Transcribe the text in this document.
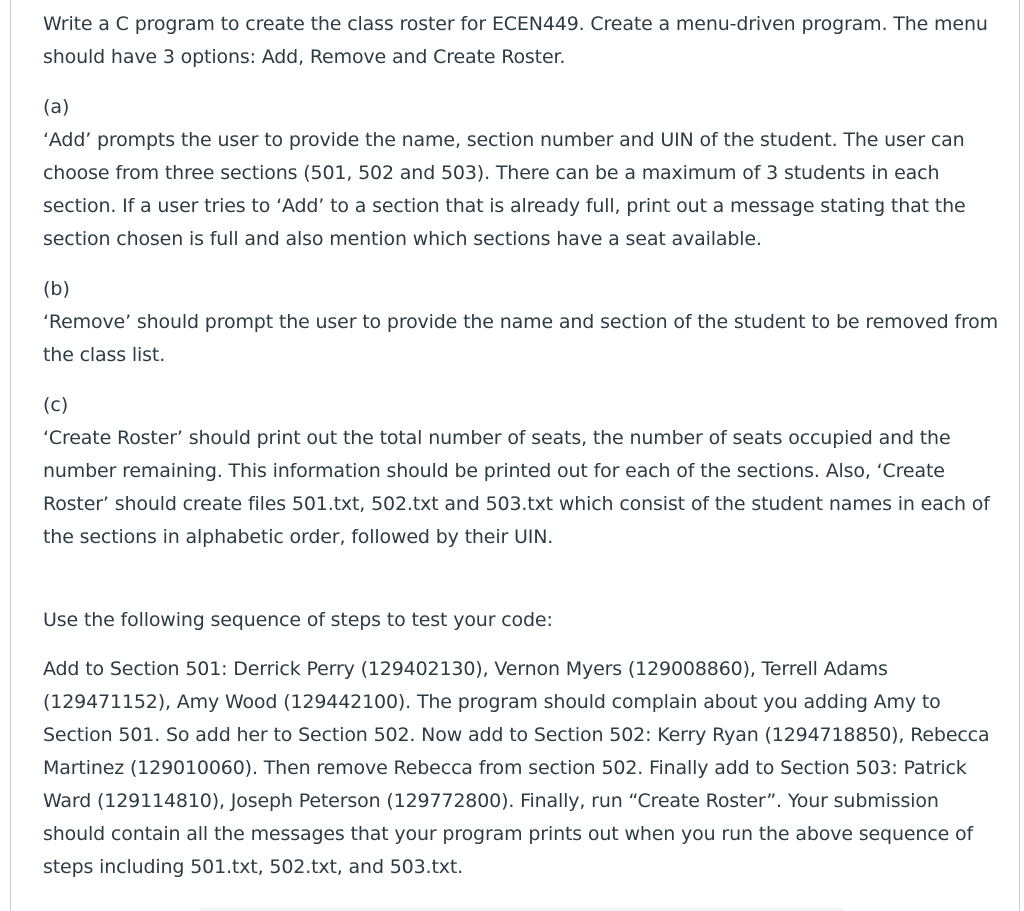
Write a C program to create the class roster for ECEN449. Create a menu-driven program. The menu should have 3 options: Add, Remove and Create Roster.

(a)

‘Add’ prompts the user to provide the name, section number and UIN of the student. The user can choose from three sections (501, 502 and 503). There can be a maximum of 3 students in each section. If a user tries to ‘Add’ to a section that is already full, print out a message stating that the section chosen is full and also mention which sections have a seat available.

(b)

‘Remove’ should prompt the user to provide the name and section of the student to be removed from the class list.

(c)

‘Create Roster’ should print out the total number of seats, the number of seats occupied and the number remaining. This information should be printed out for each of the sections. Also, ‘Create Roster’ should create files 501.txt, 502.txt and 503.txt which consist of the student names in each of the sections in alphabetic order, followed by their UIN.

Use the following sequence of steps to test your code:

Add to Section 501: Derrick Perry (129402130), Vernon Myers (129008860), Terrell Adams (129471152), Amy Wood (129442100). The program should complain about you adding Amy to Section 501. So add her to Section 502. Now add to Section 502: Kerry Ryan (1294718850), Rebecca Martinez (129010060). Then remove Rebecca from section 502. Finally add to Section 503: Patrick Ward (129114810), Joseph Peterson (129772800). Finally, run “Create Roster”. Your submission should contain all the messages that your program prints out when you run the above sequence of steps including 501.txt, 502.txt, and 503.txt.
